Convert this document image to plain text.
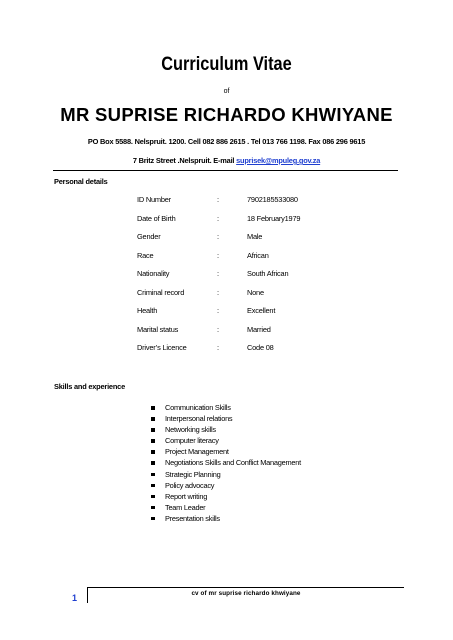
Curriculum Vitae
of
MR SUPRISE RICHARDO KHWIYANE
PO Box 5588. Nelspruit. 1200. Cell 082 886 2615 . Tel 013 766 1198. Fax 086 296 9615
7 Britz Street .Nelspruit. E-mail suprisek@mpuleg.gov.za
Personal details
ID Number	:	7902185533080
Date of Birth	:	18 February1979
Gender	:	Male
Race	:	African
Nationality	:	South African
Criminal record	:	None
Health	:	Excellent
Marital status	:	Married
Driver’s Licence	:	Code 08
Skills and experience
Communication Skills
Interpersonal relations
Networking skills
Computer literacy
Project Management
Negotiations Skills and Conflict Management
Strategic Planning
Policy advocacy
Report writing
Team Leader
Presentation skills
1	cv of mr suprise richardo khwiyane
